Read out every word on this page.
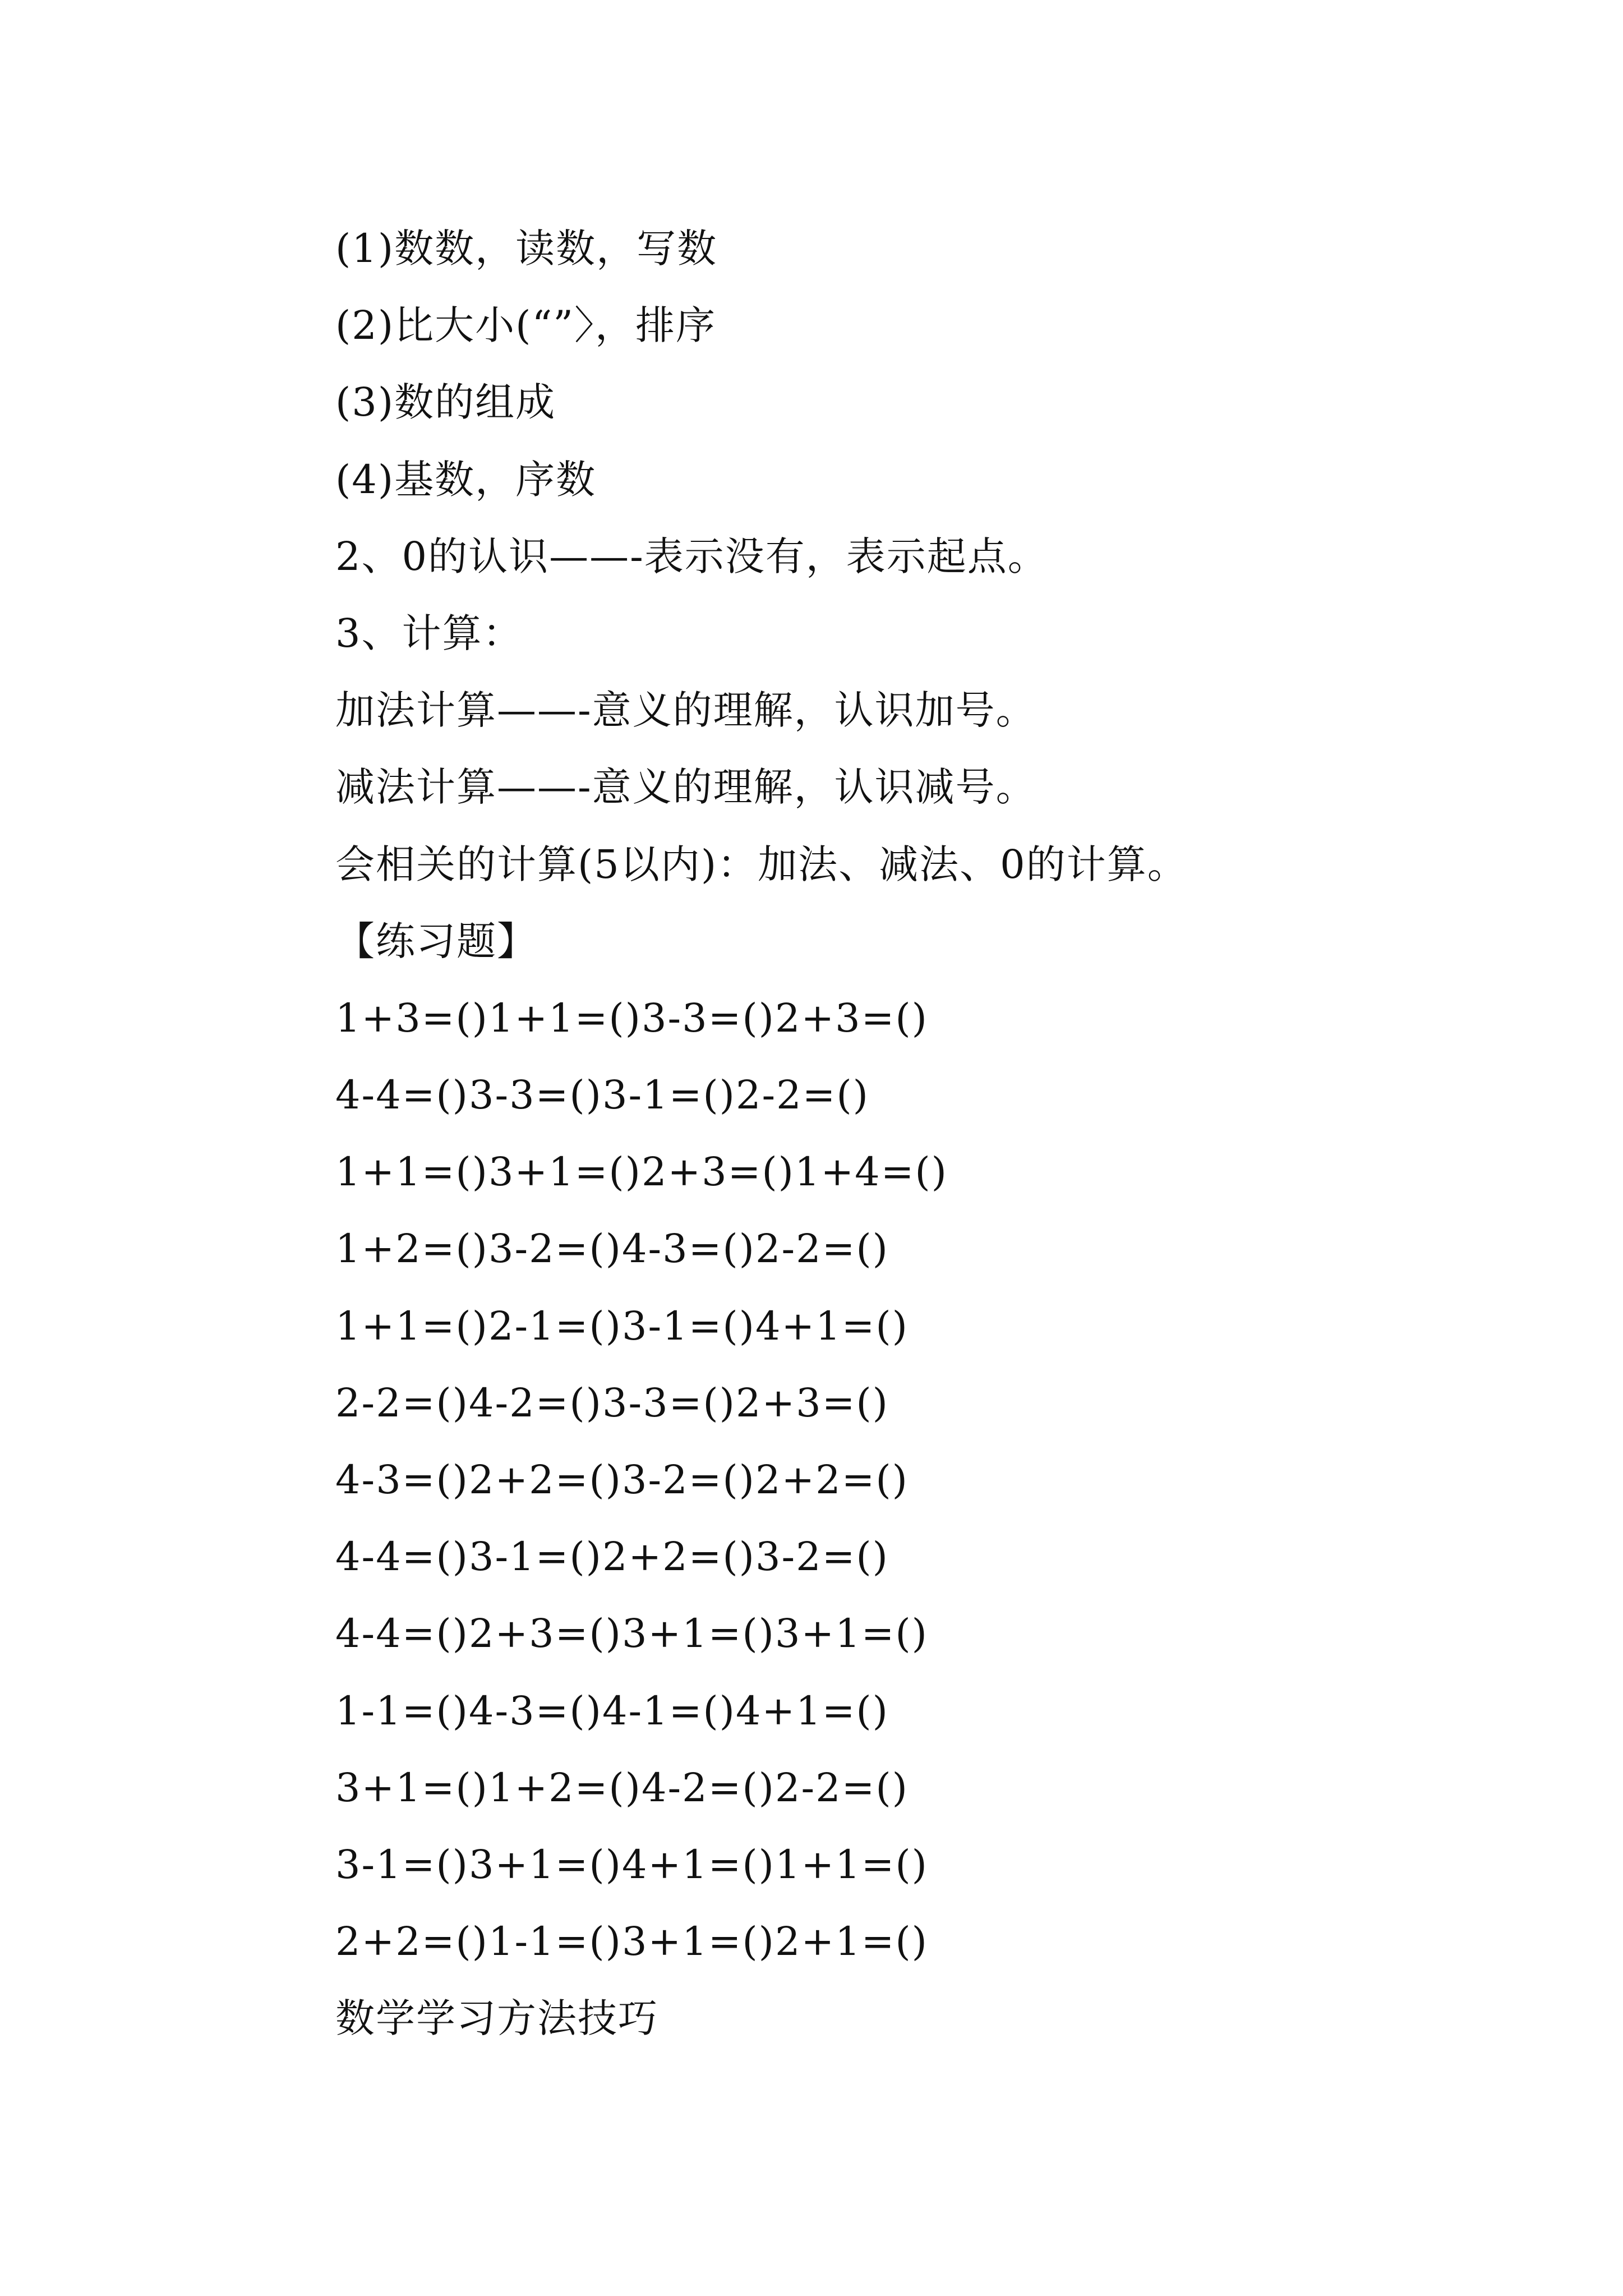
(1)数数，读数，写数
(2)比大小(“”〉，排序
(3)数的组成
(4)基数，序数
2、0的认识——-表示没有，表示起点。
3、计算：
加法计算——-意义的理解，认识加号。
减法计算——-意义的理解，认识减号。
会相关的计算(5以内)：加法、减法、0的计算。
【练习题】
1+3=()1+1=()3-3=()2+3=()
4-4=()3-3=()3-1=()2-2=()
1+1=()3+1=()2+3=()1+4=()
1+2=()3-2=()4-3=()2-2=()
1+1=()2-1=()3-1=()4+1=()
2-2=()4-2=()3-3=()2+3=()
4-3=()2+2=()3-2=()2+2=()
4-4=()3-1=()2+2=()3-2=()
4-4=()2+3=()3+1=()3+1=()
1-1=()4-3=()4-1=()4+1=()
3+1=()1+2=()4-2=()2-2=()
3-1=()3+1=()4+1=()1+1=()
2+2=()1-1=()3+1=()2+1=()
数学学习方法技巧
